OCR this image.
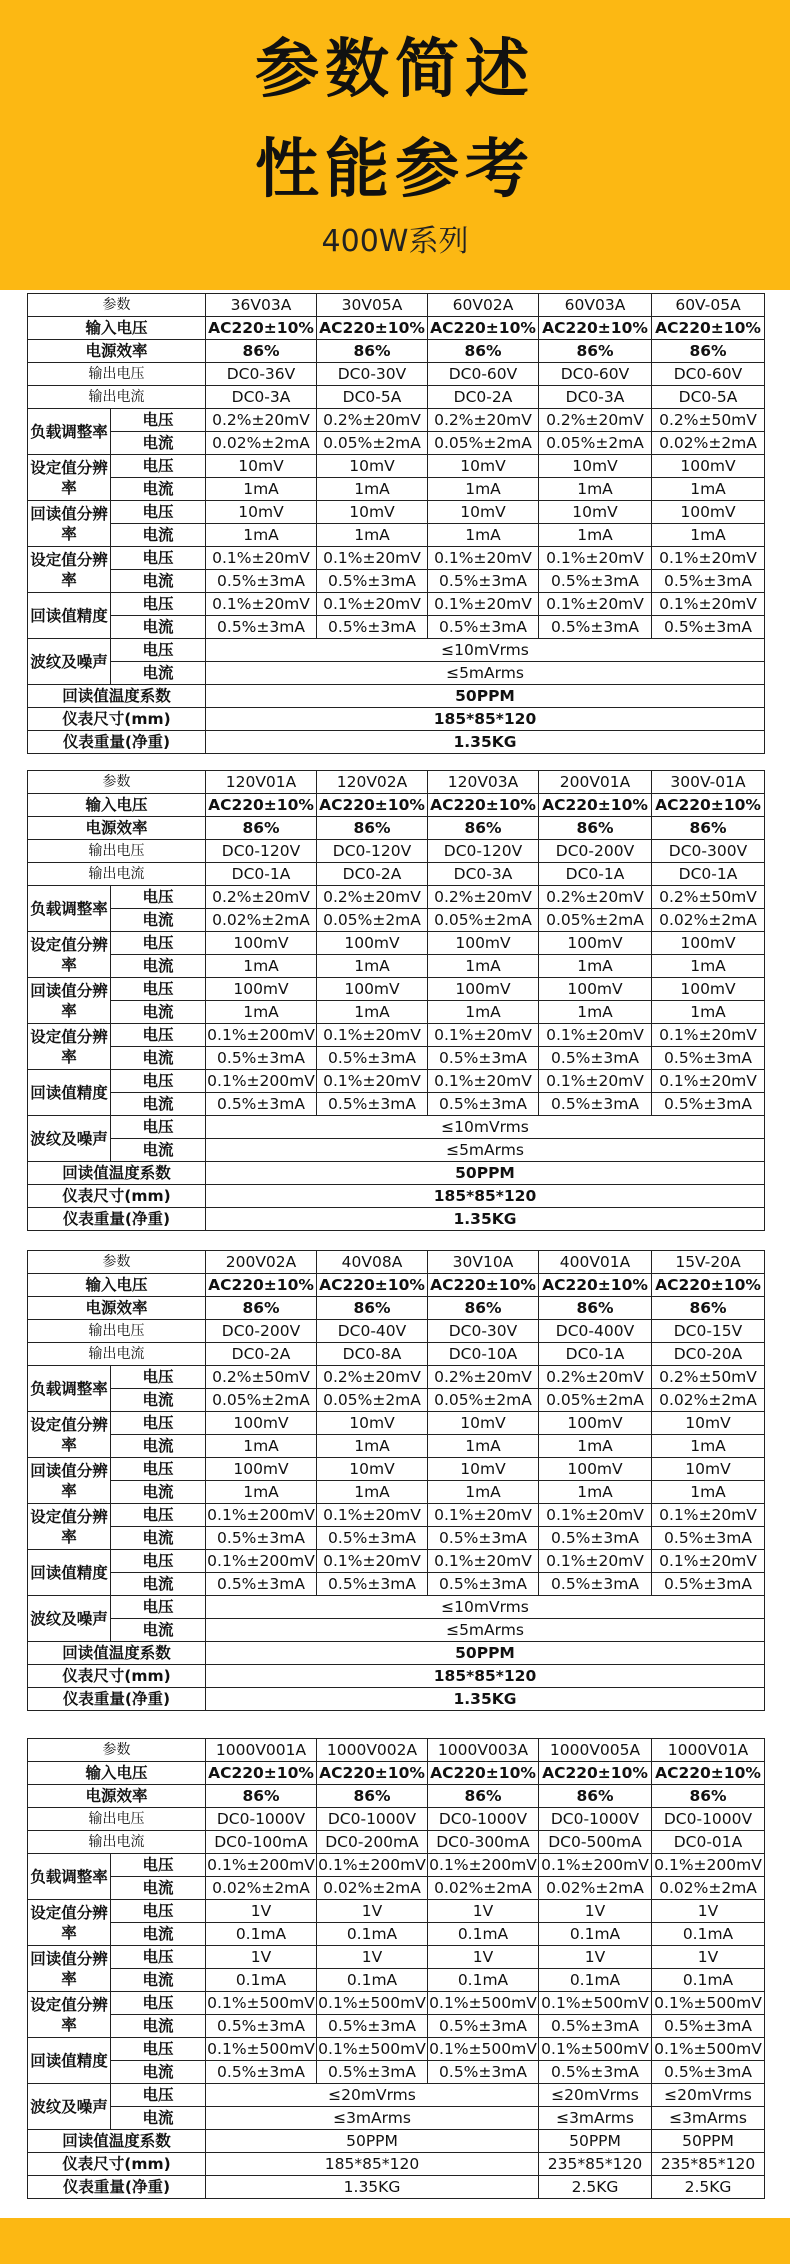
参数简述
性能参考
400W系列
参数		36V03A	30V05A	60V02A	60V03A	60V-05A
输入电压		AC220±10%	AC220±10%	AC220±10%	AC220±10%	AC220±10%
电源效率		86%	86%	86%	86%	86%
输出电压		DC0-36V	DC0-30V	DC0-60V	DC0-60V	DC0-60V
输出电流		DC0-3A	DC0-5A	DC0-2A	DC0-3A	DC0-5A
负载调整率	电压	0.2%±20mV	0.2%±20mV	0.2%±20mV	0.2%±20mV	0.2%±50mV
	电流	0.02%±2mA	0.05%±2mA	0.05%±2mA	0.05%±2mA	0.02%±2mA
设定值分辨率	电压	10mV	10mV	10mV	10mV	100mV
	电流	1mA	1mA	1mA	1mA	1mA
回读值分辨率	电压	10mV	10mV	10mV	10mV	100mV
	电流	1mA	1mA	1mA	1mA	1mA
设定值分辨率	电压	0.1%±20mV	0.1%±20mV	0.1%±20mV	0.1%±20mV	0.1%±20mV
	电流	0.5%±3mA	0.5%±3mA	0.5%±3mA	0.5%±3mA	0.5%±3mA
回读值精度	电压	0.1%±20mV	0.1%±20mV	0.1%±20mV	0.1%±20mV	0.1%±20mV
	电流	0.5%±3mA	0.5%±3mA	0.5%±3mA	0.5%±3mA	0.5%±3mA
波纹及噪声	电压	≤10mVrms				
	电流	≤5mArms				
回读值温度系数		50PPM				
仪表尺寸(mm)		185*85*120				
仪表重量(净重)		1.35KG				
参数		120V01A	120V02A	120V03A	200V01A	300V-01A
输入电压		AC220±10%	AC220±10%	AC220±10%	AC220±10%	AC220±10%
电源效率		86%	86%	86%	86%	86%
输出电压		DC0-120V	DC0-120V	DC0-120V	DC0-200V	DC0-300V
输出电流		DC0-1A	DC0-2A	DC0-3A	DC0-1A	DC0-1A
负载调整率	电压	0.2%±20mV	0.2%±20mV	0.2%±20mV	0.2%±20mV	0.2%±50mV
	电流	0.02%±2mA	0.05%±2mA	0.05%±2mA	0.05%±2mA	0.02%±2mA
设定值分辨率	电压	100mV	100mV	100mV	100mV	100mV
	电流	1mA	1mA	1mA	1mA	1mA
回读值分辨率	电压	100mV	100mV	100mV	100mV	100mV
	电流	1mA	1mA	1mA	1mA	1mA
设定值分辨率	电压	0.1%±200mV	0.1%±20mV	0.1%±20mV	0.1%±20mV	0.1%±20mV
	电流	0.5%±3mA	0.5%±3mA	0.5%±3mA	0.5%±3mA	0.5%±3mA
回读值精度	电压	0.1%±200mV	0.1%±20mV	0.1%±20mV	0.1%±20mV	0.1%±20mV
	电流	0.5%±3mA	0.5%±3mA	0.5%±3mA	0.5%±3mA	0.5%±3mA
波纹及噪声	电压	≤10mVrms				
	电流	≤5mArms				
回读值温度系数		50PPM				
仪表尺寸(mm)		185*85*120				
仪表重量(净重)		1.35KG				
参数		200V02A	40V08A	30V10A	400V01A	15V-20A
输入电压		AC220±10%	AC220±10%	AC220±10%	AC220±10%	AC220±10%
电源效率		86%	86%	86%	86%	86%
输出电压		DC0-200V	DC0-40V	DC0-30V	DC0-400V	DC0-15V
输出电流		DC0-2A	DC0-8A	DC0-10A	DC0-1A	DC0-20A
负载调整率	电压	0.2%±50mV	0.2%±20mV	0.2%±20mV	0.2%±20mV	0.2%±50mV
	电流	0.05%±2mA	0.05%±2mA	0.05%±2mA	0.05%±2mA	0.02%±2mA
设定值分辨率	电压	100mV	10mV	10mV	100mV	10mV
	电流	1mA	1mA	1mA	1mA	1mA
回读值分辨率	电压	100mV	10mV	10mV	100mV	10mV
	电流	1mA	1mA	1mA	1mA	1mA
设定值分辨率	电压	0.1%±200mV	0.1%±20mV	0.1%±20mV	0.1%±20mV	0.1%±20mV
	电流	0.5%±3mA	0.5%±3mA	0.5%±3mA	0.5%±3mA	0.5%±3mA
回读值精度	电压	0.1%±200mV	0.1%±20mV	0.1%±20mV	0.1%±20mV	0.1%±20mV
	电流	0.5%±3mA	0.5%±3mA	0.5%±3mA	0.5%±3mA	0.5%±3mA
波纹及噪声	电压	≤10mVrms				
	电流	≤5mArms				
回读值温度系数		50PPM				
仪表尺寸(mm)		185*85*120				
仪表重量(净重)		1.35KG				
参数		1000V001A	1000V002A	1000V003A	1000V005A	1000V01A
输入电压		AC220±10%	AC220±10%	AC220±10%	AC220±10%	AC220±10%
电源效率		86%	86%	86%	86%	86%
输出电压		DC0-1000V	DC0-1000V	DC0-1000V	DC0-1000V	DC0-1000V
输出电流		DC0-100mA	DC0-200mA	DC0-300mA	DC0-500mA	DC0-01A
负载调整率	电压	0.1%±200mV	0.1%±200mV	0.1%±200mV	0.1%±200mV	0.1%±200mV
	电流	0.02%±2mA	0.02%±2mA	0.02%±2mA	0.02%±2mA	0.02%±2mA
设定值分辨率	电压	1V	1V	1V	1V	1V
	电流	0.1mA	0.1mA	0.1mA	0.1mA	0.1mA
回读值分辨率	电压	1V	1V	1V	1V	1V
	电流	0.1mA	0.1mA	0.1mA	0.1mA	0.1mA
设定值分辨率	电压	0.1%±500mV	0.1%±500mV	0.1%±500mV	0.1%±500mV	0.1%±500mV
	电流	0.5%±3mA	0.5%±3mA	0.5%±3mA	0.5%±3mA	0.5%±3mA
回读值精度	电压	0.1%±500mV	0.1%±500mV	0.1%±500mV	0.1%±500mV	0.1%±500mV
	电流	0.5%±3mA	0.5%±3mA	0.5%±3mA	0.5%±3mA	0.5%±3mA
波纹及噪声	电压	≤20mVrms			≤20mVrms	≤20mVrms
	电流	≤3mArms			≤3mArms	≤3mArms
回读值温度系数		50PPM			50PPM	50PPM
仪表尺寸(mm)		185*85*120			235*85*120	235*85*120
仪表重量(净重)		1.35KG			2.5KG	2.5KG
